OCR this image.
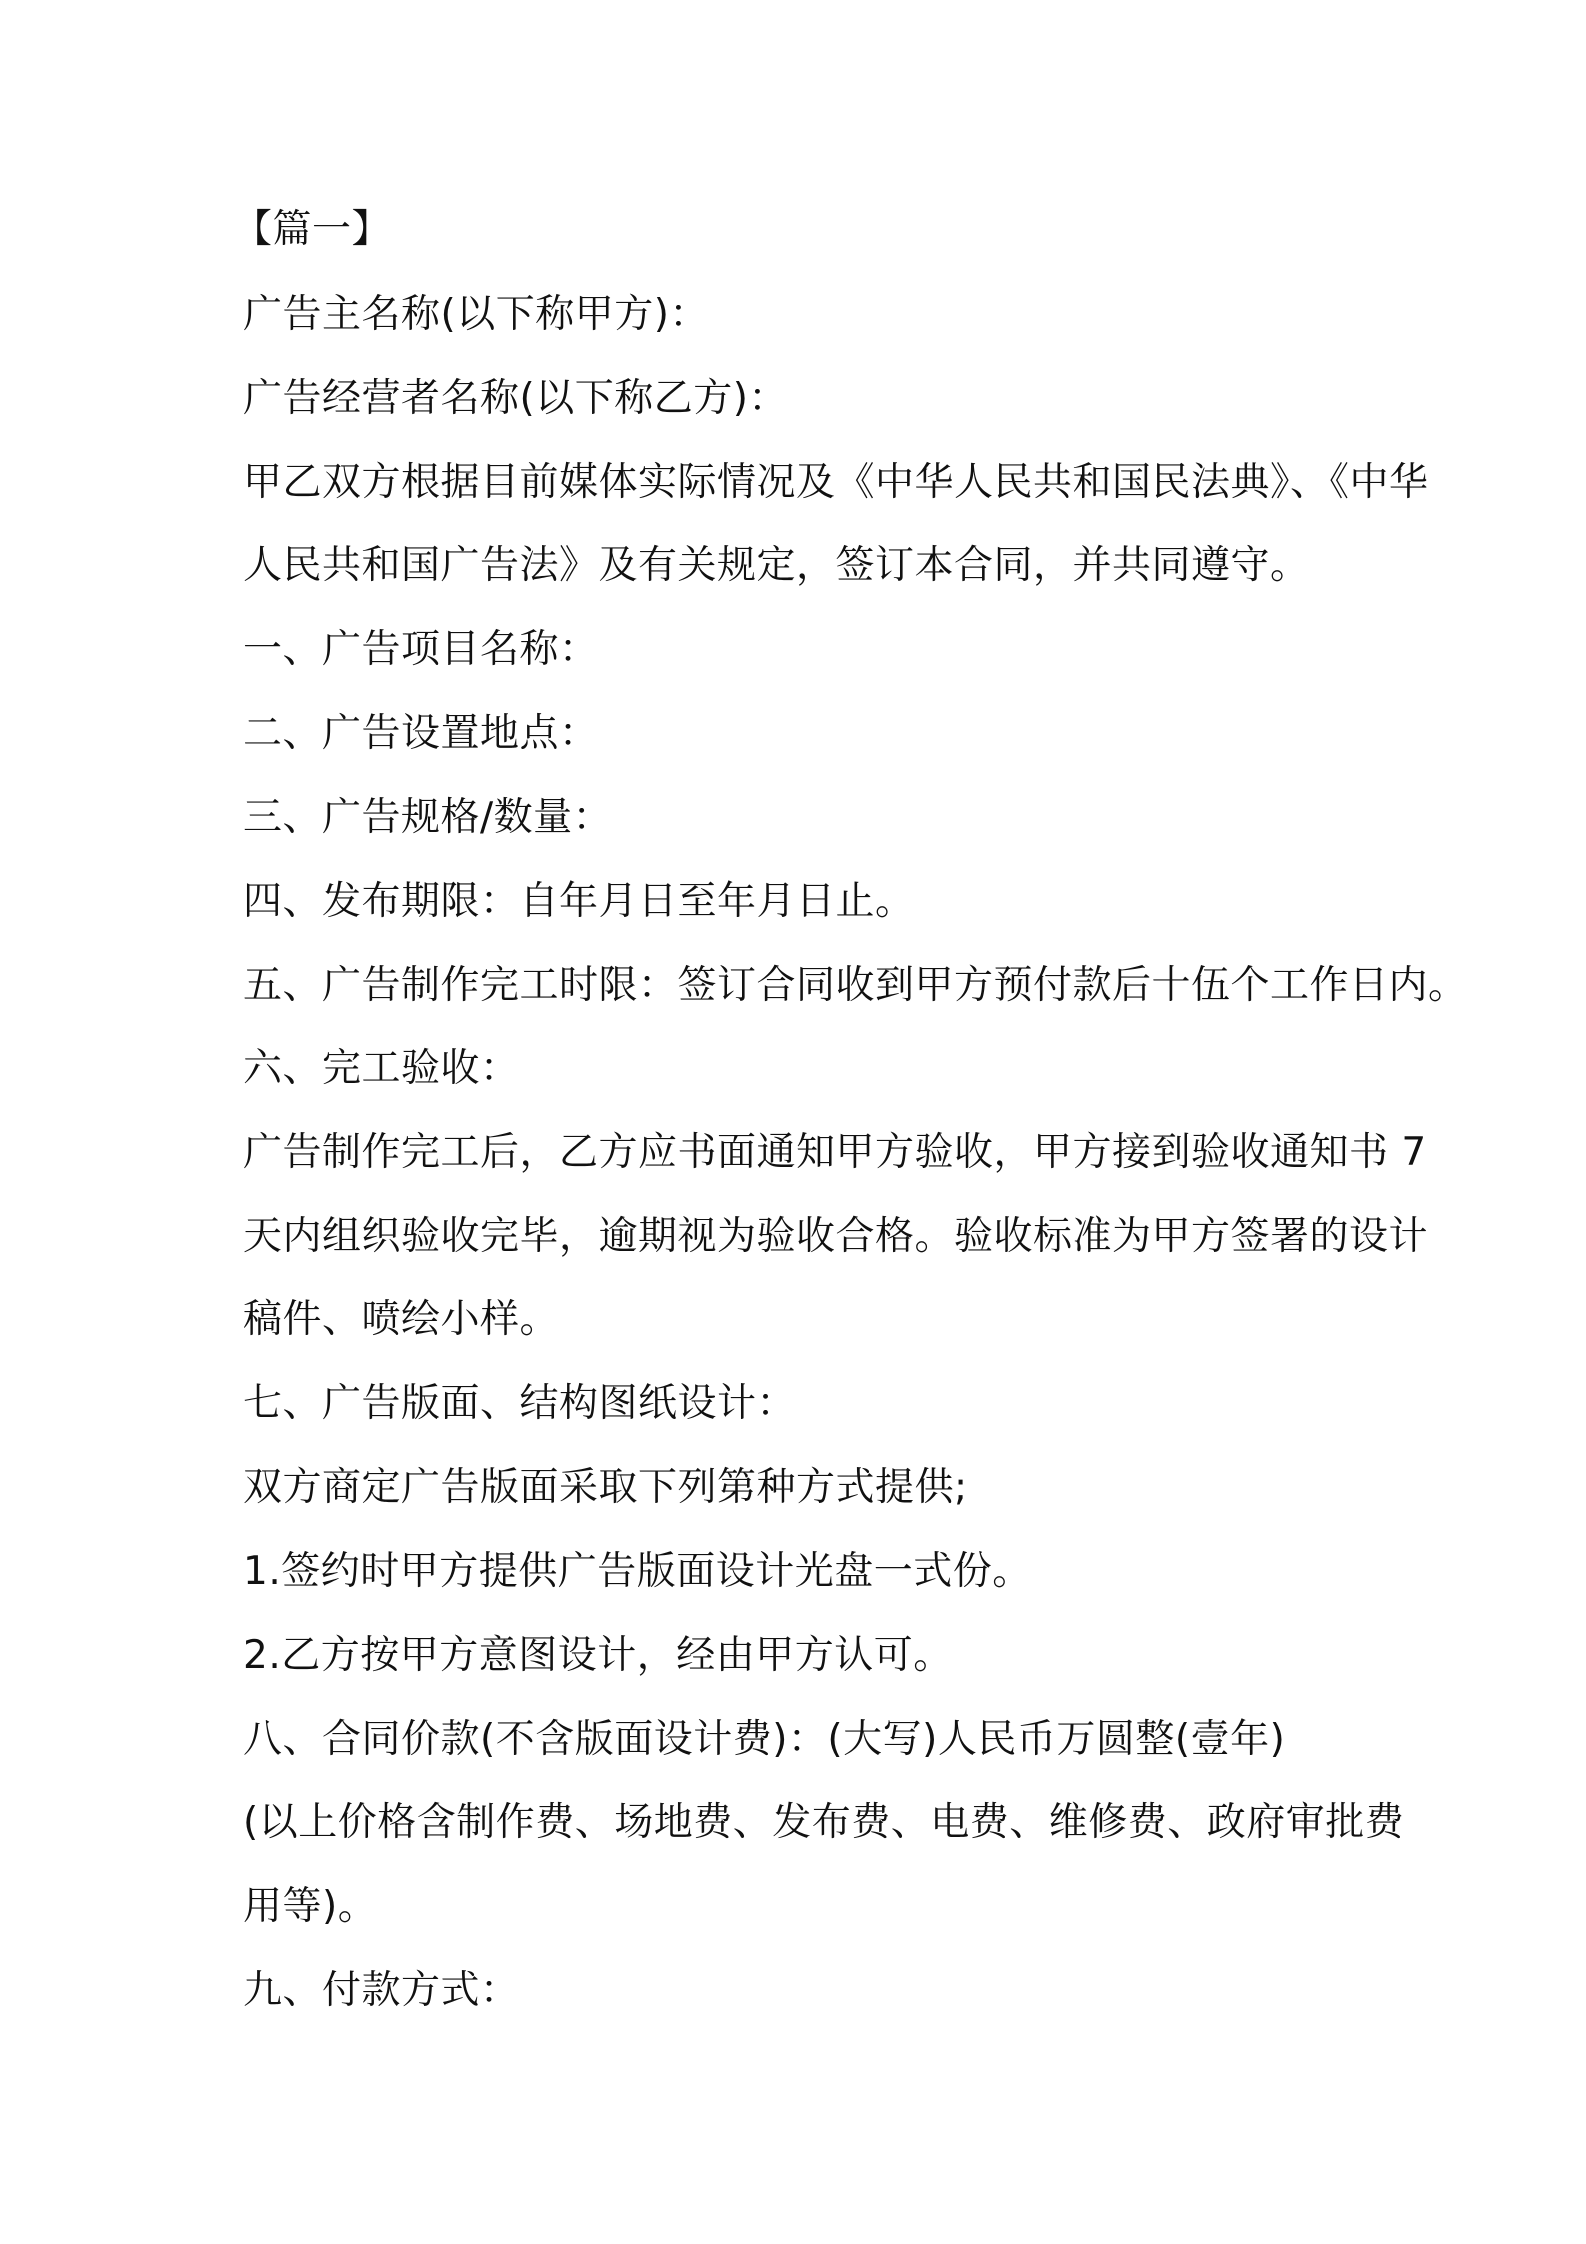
【篇一】
广告主名称(以下称甲方)：
广告经营者名称(以下称乙方)：
甲乙双方根据目前媒体实际情况及《中华人民共和国民法典》、《中华
人民共和国广告法》及有关规定，签订本合同，并共同遵守。
一、广告项目名称：
二、广告设置地点：
三、广告规格/数量：
四、发布期限：自年月日至年月日止。
五、广告制作完工时限：签订合同收到甲方预付款后十伍个工作日内。
六、完工验收：
广告制作完工后，乙方应书面通知甲方验收，甲方接到验收通知书 7
天内组织验收完毕，逾期视为验收合格。验收标准为甲方签署的设计
稿件、喷绘小样。
七、广告版面、结构图纸设计：
双方商定广告版面采取下列第种方式提供;
1.签约时甲方提供广告版面设计光盘一式份。
2.乙方按甲方意图设计，经由甲方认可。
八、合同价款(不含版面设计费)：(大写)人民币万圆整(壹年)
(以上价格含制作费、场地费、发布费、电费、维修费、政府审批费
用等)。
九、付款方式：
